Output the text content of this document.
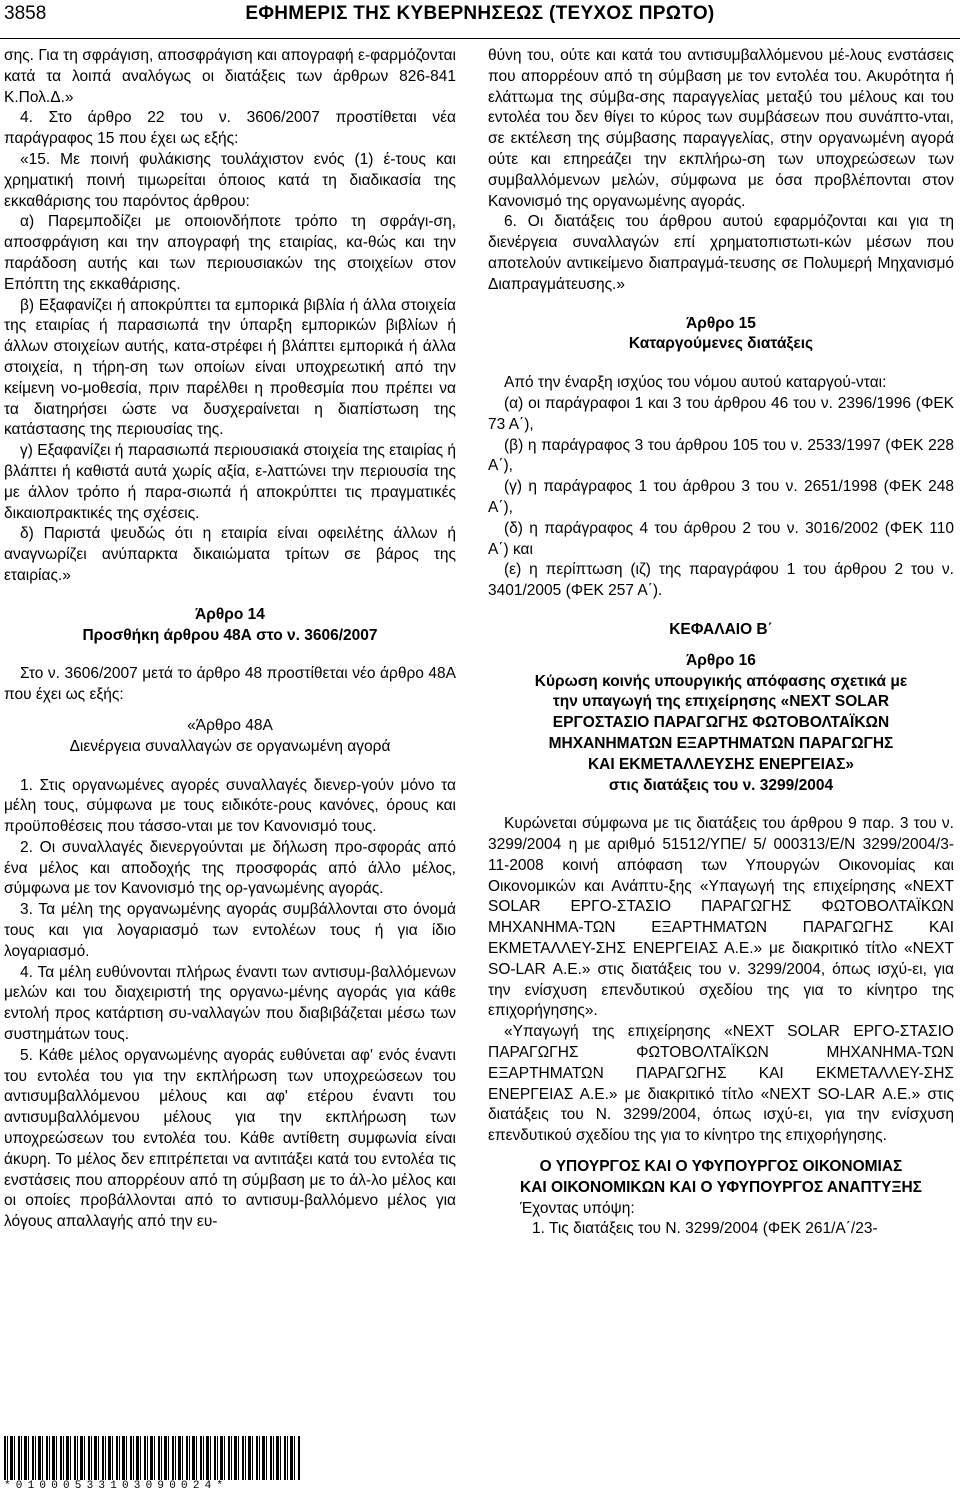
3858	ΕΦΗΜΕΡΙΣ ΤΗΣ ΚΥΒΕΡΝΗΣΕΩΣ (ΤΕΥΧΟΣ ΠΡΩΤΟ)

σης. Για τη σφράγιση, αποσφράγιση και απογραφή ε-φαρμόζονται κατά τα λοιπά αναλόγως οι διατάξεις των άρθρων 826-841 Κ.Πολ.Δ.»

4. Στο άρθρο 22 του ν. 3606/2007 προστίθεται νέα παράγραφος 15 που έχει ως εξής:

«15. Με ποινή φυλάκισης τουλάχιστον ενός (1) έ-τους και χρηματική ποινή τιμωρείται όποιος κατά τη διαδικασία της εκκαθάρισης του παρόντος άρθρου:

α) Παρεμποδίζει με οποιονδήποτε τρόπο τη σφράγι-ση, αποσφράγιση και την απογραφή της εταιρίας, κα-θώς και την παράδοση αυτής και των περιουσιακών της στοιχείων στον Επόπτη της εκκαθάρισης.

β) Εξαφανίζει ή αποκρύπτει τα εμπορικά βιβλία ή άλλα στοιχεία της εταιρίας ή παρασιωπά την ύπαρξη εμπορικών βιβλίων ή άλλων στοιχείων αυτής, κατα-στρέφει ή βλάπτει εμπορικά ή άλλα στοιχεία, η τήρη-ση των οποίων είναι υποχρεωτική από την κείμενη νο-μοθεσία, πριν παρέλθει η προθεσμία που πρέπει να τα διατηρήσει ώστε να δυσχεραίνεται η διαπίστωση της κατάστασης της περιουσίας της.

γ) Εξαφανίζει ή παρασιωπά περιουσιακά στοιχεία της εταιρίας ή βλάπτει ή καθιστά αυτά χωρίς αξία, ε-λαττώνει την περιουσία της με άλλον τρόπο ή παρα-σιωπά ή αποκρύπτει τις πραγματικές δικαιοπρακτικές της σχέσεις.

δ) Παριστά ψευδώς ότι η εταιρία είναι οφειλέτης άλλων ή αναγνωρίζει ανύπαρκτα δικαιώματα τρίτων σε βάρος της εταιρίας.»

Άρθρο 14

Προσθήκη άρθρου 48Α στο ν. 3606/2007

Στο ν. 3606/2007 μετά το άρθρο 48 προστίθεται νέο άρθρο 48Α που έχει ως εξής:

«Άρθρο 48Α

Διενέργεια συναλλαγών σε οργανωμένη αγορά

1. Στις οργανωμένες αγορές συναλλαγές διενερ-γούν μόνο τα μέλη τους, σύμφωνα με τους ειδικότε-ρους κανόνες, όρους και προϋποθέσεις που τάσσο-νται με τον Κανονισμό τους.

2. Οι συναλλαγές διενεργούνται με δήλωση προ-σφοράς από ένα μέλος και αποδοχής της προσφοράς από άλλο μέλος, σύμφωνα με τον Κανονισμό της ορ-γανωμένης αγοράς.

3. Τα μέλη της οργανωμένης αγοράς συμβάλλονται στο όνομά τους και για λογαριασμό των εντολέων τους ή για ίδιο λογαριασμό.

4. Τα μέλη ευθύνονται πλήρως έναντι των αντισυμ-βαλλόμενων μελών και του διαχειριστή της οργανω-μένης αγοράς για κάθε εντολή προς κατάρτιση συ-ναλλαγών που διαβιβάζεται μέσω των συστημάτων τους.

5. Κάθε μέλος οργανωμένης αγοράς ευθύνεται αφ' ενός έναντι του εντολέα του για την εκπλήρωση των υποχρεώσεων του αντισυμβαλλόμενου μέλους και αφ' ετέρου έναντι του αντισυμβαλλόμενου μέλους για την εκπλήρωση των υποχρεώσεων του εντολέα του. Κάθε αντίθετη συμφωνία είναι άκυρη. Το μέλος δεν επιτρέπεται να αντιτάξει κατά του εντολέα τις ενστάσεις που απορρέουν από τη σύμβαση με το άλ-λο μέλος και οι οποίες προβάλλονται από το αντισυμ-βαλλόμενο μέλος για λόγους απαλλαγής από την ευ-

θύνη του, ούτε και κατά του αντισυμβαλλόμενου μέ-λους ενστάσεις που απορρέουν από τη σύμβαση με τον εντολέα του. Ακυρότητα ή ελάττωμα της σύμβα-σης παραγγελίας μεταξύ του μέλους και του εντολέα του δεν θίγει το κύρος των συμβάσεων που συνάπτο-νται, σε εκτέλεση της σύμβασης παραγγελίας, στην οργανωμένη αγορά ούτε και επηρεάζει την εκπλήρω-ση των υποχρεώσεων των συμβαλλόμενων μελών, σύμφωνα με όσα προβλέπονται στον Κανονισμό της οργανωμένης αγοράς.

6. Οι διατάξεις του άρθρου αυτού εφαρμόζονται και για τη διενέργεια συναλλαγών επί χρηματοπιστωτι-κών μέσων που αποτελούν αντικείμενο διαπραγμά-τευσης σε Πολυμερή Μηχανισμό Διαπραγμάτευσης.»

Άρθρο 15

Καταργούμενες διατάξεις

Από την έναρξη ισχύος του νόμου αυτού καταργού-νται:

(α) οι παράγραφοι 1 και 3 του άρθρου 46 του ν. 2396/1996 (ΦΕΚ 73 Α΄),

(β) η παράγραφος 3 του άρθρου 105 του ν. 2533/1997 (ΦΕΚ 228 Α΄),

(γ) η παράγραφος 1 του άρθρου 3 του ν. 2651/1998 (ΦΕΚ 248 Α΄),

(δ) η παράγραφος 4 του άρθρου 2 του ν. 3016/2002 (ΦΕΚ 110 Α΄) και

(ε) η περίπτωση (ιζ) της παραγράφου 1 του άρθρου 2 του ν. 3401/2005 (ΦΕΚ 257 Α΄).

ΚΕΦΑΛΑΙΟ Β΄

Άρθρο 16

Κύρωση κοινής υπουργικής απόφασης σχετικά με

την υπαγωγή της επιχείρησης «NEXT SOLAR

ΕΡΓΟΣΤΑΣΙΟ ΠΑΡΑΓΩΓΗΣ ΦΩΤΟΒΟΛΤΑΪΚΩΝ

ΜΗΧΑΝΗΜΑΤΩΝ ΕΞΑΡΤΗΜΑΤΩΝ ΠΑΡΑΓΩΓΗΣ

ΚΑΙ ΕΚΜΕΤΑΛΛΕΥΣΗΣ ΕΝΕΡΓΕΙΑΣ»

στις διατάξεις του ν. 3299/2004

Κυρώνεται σύμφωνα με τις διατάξεις του άρθρου 9 παρ. 3 του ν. 3299/2004 η με αριθμό 51512/ΥΠΕ/ 5/ 000313/Ε/Ν 3299/2004/3-11-2008 κοινή απόφαση των Υπουργών Οικονομίας και Οικονομικών και Ανάπτυ-ξης «Υπαγωγή της επιχείρησης «NEXT SOLAR ΕΡΓΟ-ΣΤΑΣΙΟ ΠΑΡΑΓΩΓΗΣ ΦΩΤΟΒΟΛΤΑΪΚΩΝ ΜΗΧΑΝΗΜΑ-ΤΩΝ ΕΞΑΡΤΗΜΑΤΩΝ ΠΑΡΑΓΩΓΗΣ ΚΑΙ ΕΚΜΕΤΑΛΛΕΥ-ΣΗΣ ΕΝΕΡΓΕΙΑΣ Α.Ε.» με διακριτικό τίτλο «NEXT SO-LAR Α.Ε.» στις διατάξεις του ν. 3299/2004, όπως ισχύ-ει, για την ενίσχυση επενδυτικού σχεδίου της για το κίνητρο της επιχορήγησης».

«Υπαγωγή της επιχείρησης «NEXT SOLAR ΕΡΓΟ-ΣΤΑΣΙΟ ΠΑΡΑΓΩΓΗΣ ΦΩΤΟΒΟΛΤΑΪΚΩΝ ΜΗΧΑΝΗΜΑ-ΤΩΝ ΕΞΑΡΤΗΜΑΤΩΝ ΠΑΡΑΓΩΓΗΣ ΚΑΙ ΕΚΜΕΤΑΛΛΕΥ-ΣΗΣ ΕΝΕΡΓΕΙΑΣ Α.Ε.» με διακριτικό τίτλο «NEXT SO-LAR Α.Ε.» στις διατάξεις του Ν. 3299/2004, όπως ισχύ-ει, για την ενίσχυση επενδυτικού σχεδίου της για το κίνητρο της επιχορήγησης.

Ο ΥΠΟΥΡΓΟΣ ΚΑΙ Ο ΥΦΥΠΟΥΡΓΟΣ ΟΙΚΟΝΟΜΙΑΣ

ΚΑΙ ΟΙΚΟΝΟΜΙΚΩΝ ΚΑΙ Ο ΥΦΥΠΟΥΡΓΟΣ ΑΝΑΠΤΥΞΗΣ

Έχοντας υπόψη:

1. Τις διατάξεις του Ν. 3299/2004 (ΦΕΚ 261/Α΄/23-

*01000533103090024*
